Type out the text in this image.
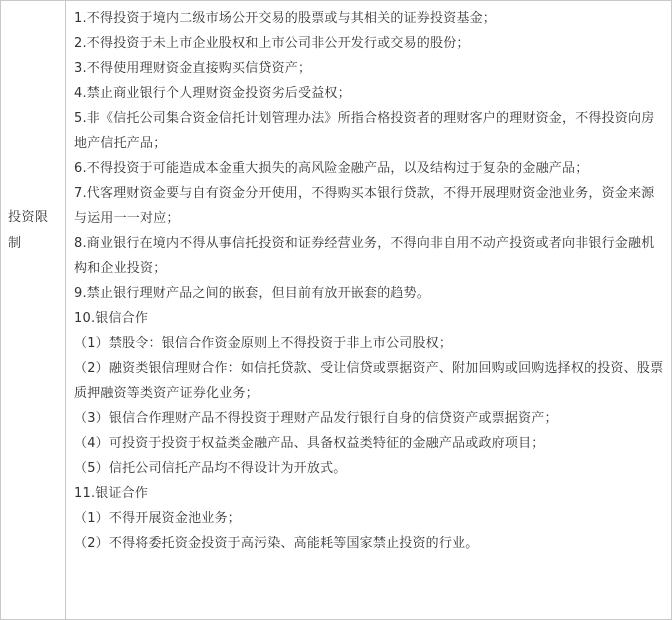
投资限制

1.不得投资于境内二级市场公开交易的股票或与其相关的证券投资基金；

2.不得投资于未上市企业股权和上市公司非公开发行或交易的股份；

3.不得使用理财资金直接购买信贷资产；

4.禁止商业银行个人理财资金投资劣后受益权；

5.非《信托公司集合资金信托计划管理办法》所指合格投资者的理财客户的理财资金，不得投资向房地产信托产品；

6.不得投资于可能造成本金重大损失的高风险金融产品，以及结构过于复杂的金融产品；

7.代客理财资金要与自有资金分开使用，不得购买本银行贷款，不得开展理财资金池业务，资金来源与运用一一对应；

8.商业银行在境内不得从事信托投资和证券经营业务，不得向非自用不动产投资或者向非银行金融机构和企业投资；

9.禁止银行理财产品之间的嵌套，但目前有放开嵌套的趋势。

10.银信合作

（1）禁股令：银信合作资金原则上不得投资于非上市公司股权；

（2）融资类银信理财合作：如信托贷款、受让信贷或票据资产、附加回购或回购选择权的投资、股票质押融资等类资产证券化业务；

（3）银信合作理财产品不得投资于理财产品发行银行自身的信贷资产或票据资产；

（4）可投资于投资于权益类金融产品、具备权益类特征的金融产品或政府项目；

（5）信托公司信托产品均不得设计为开放式。

11.银证合作

（1）不得开展资金池业务；

（2）不得将委托资金投资于高污染、高能耗等国家禁止投资的行业。
